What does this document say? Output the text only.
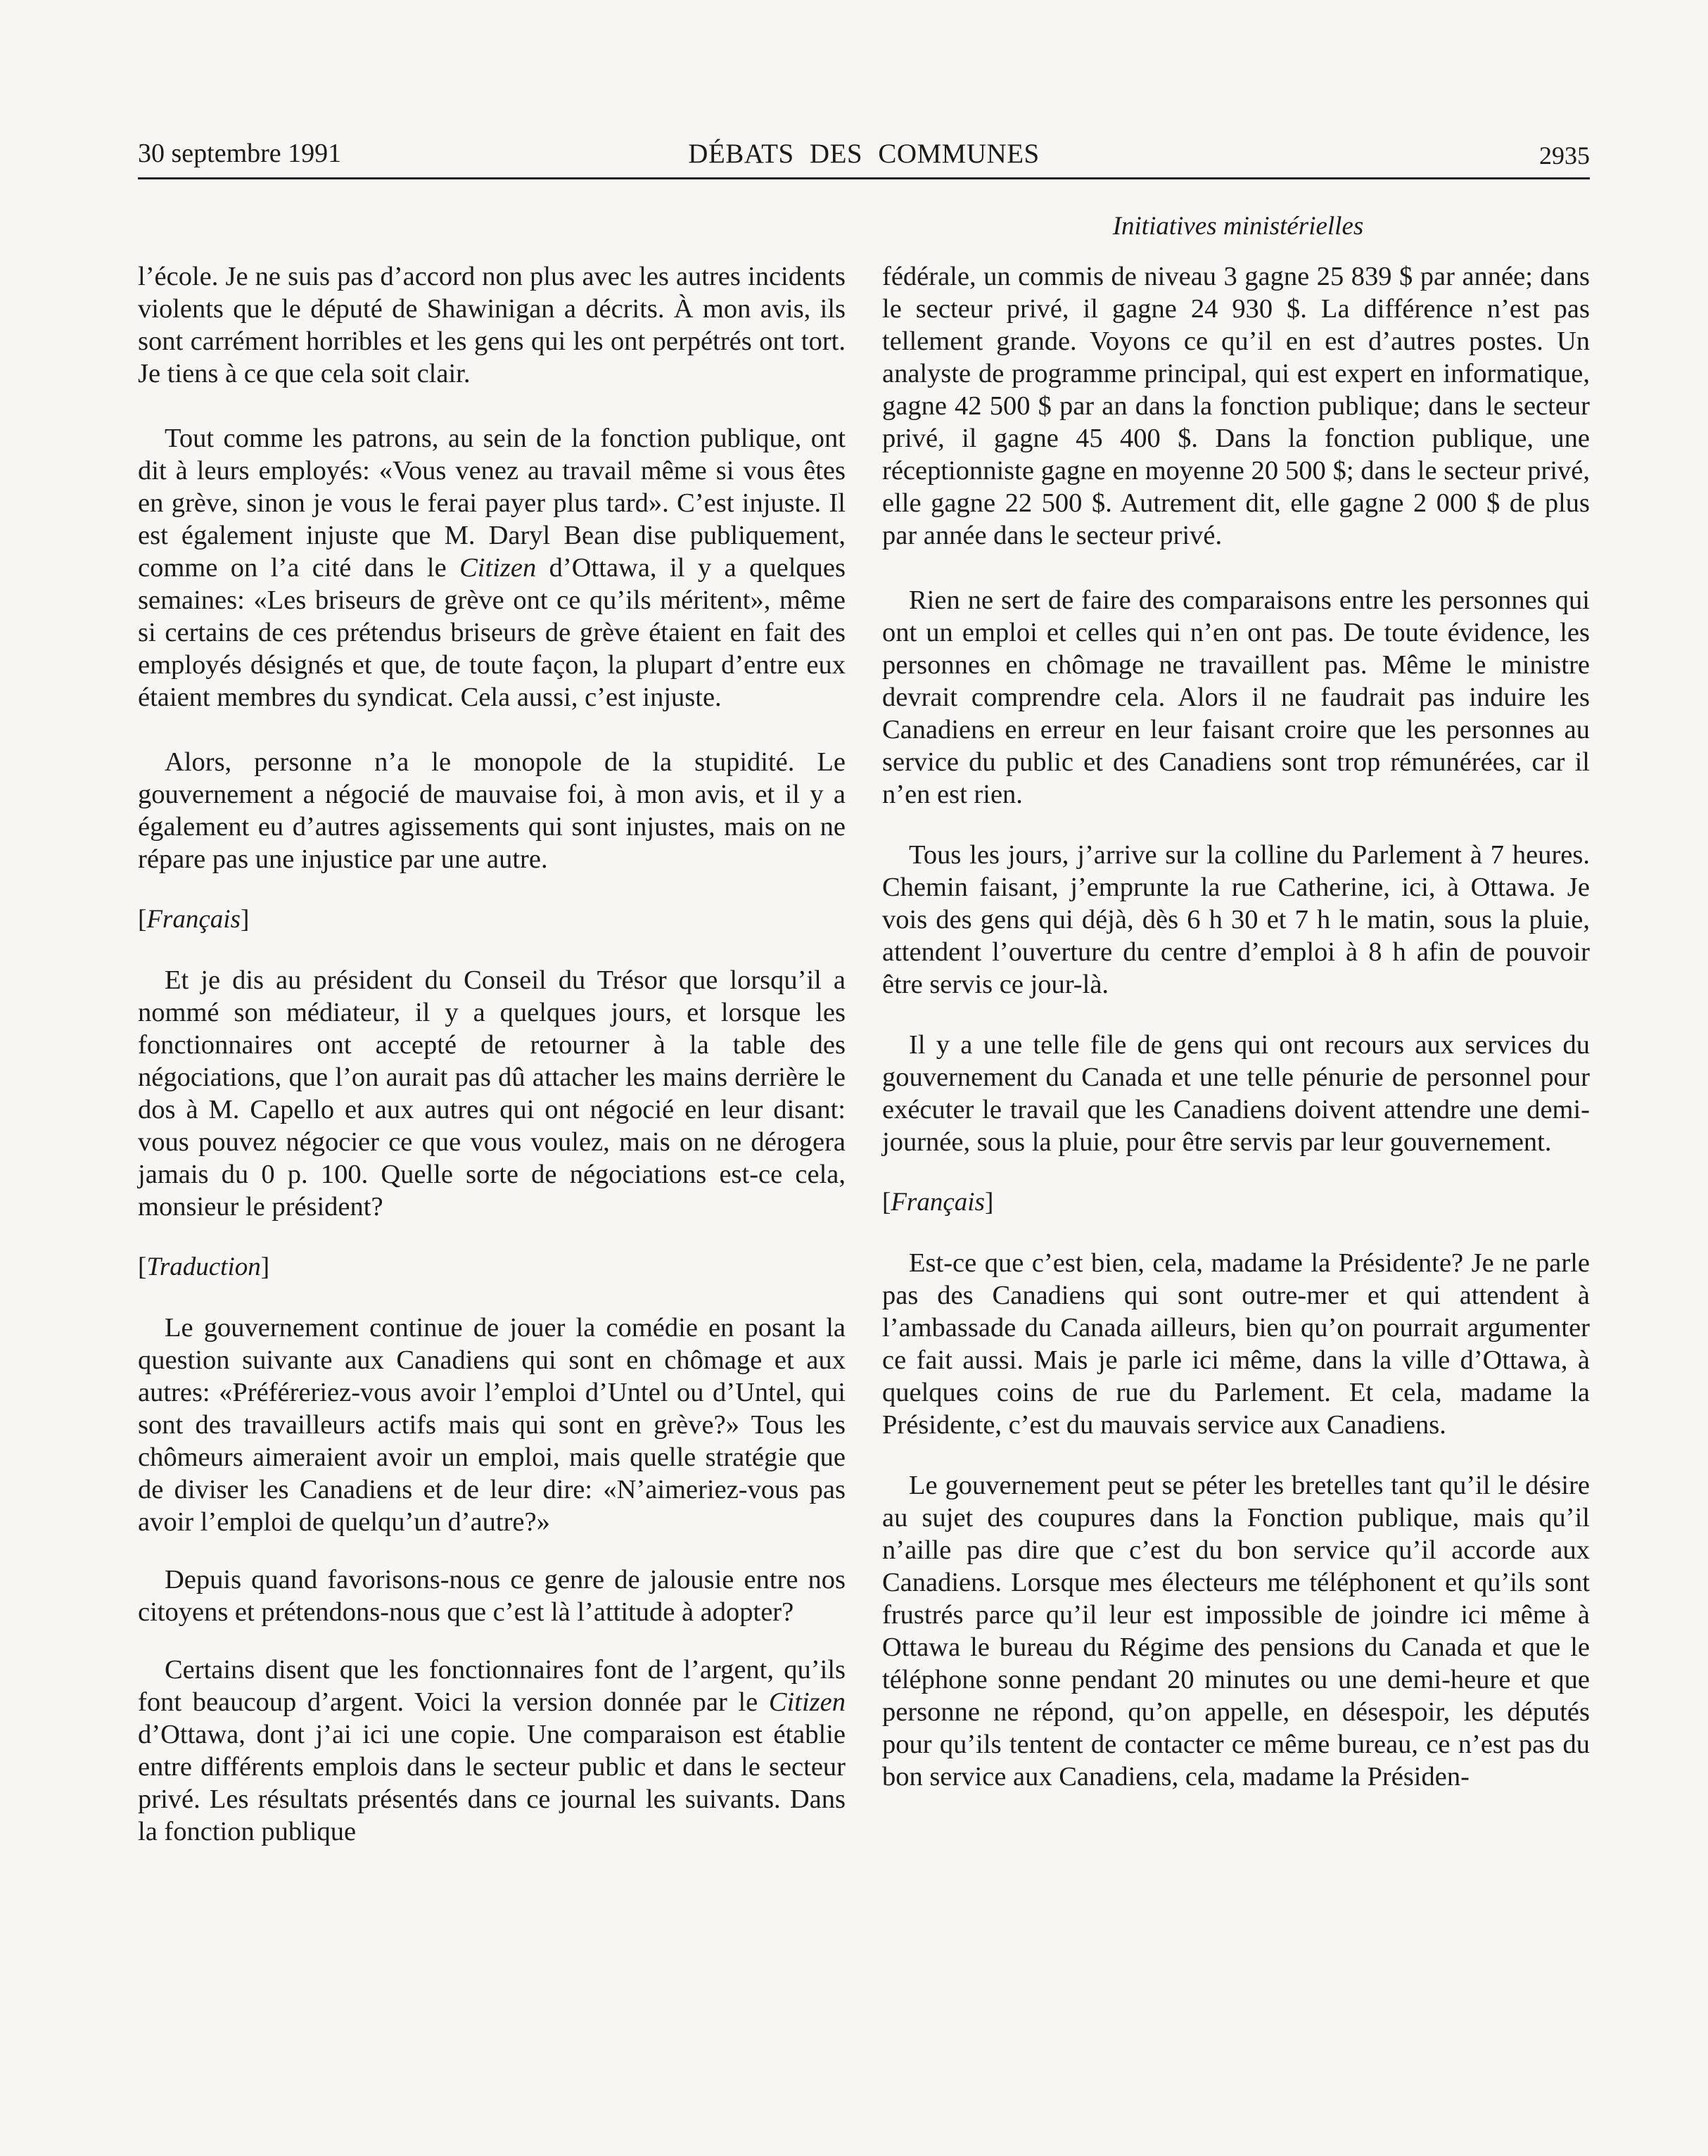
30 septembre 1991	DÉBATS DES COMMUNES	2935
Initiatives ministérielles

l’école. Je ne suis pas d’accord non plus avec les autres incidents violents que le député de Shawinigan a décrits. À mon avis, ils sont carrément horribles et les gens qui les ont perpétrés ont tort. Je tiens à ce que cela soit clair.

Tout comme les patrons, au sein de la fonction publique, ont dit à leurs employés: «Vous venez au travail même si vous êtes en grève, sinon je vous le ferai payer plus tard». C’est injuste. Il est également injuste que M. Daryl Bean dise publiquement, comme on l’a cité dans le Citizen d’Ottawa, il y a quelques semaines: «Les briseurs de grève ont ce qu’ils méritent», même si certains de ces prétendus briseurs de grève étaient en fait des employés désignés et que, de toute façon, la plupart d’entre eux étaient membres du syndicat. Cela aussi, c’est injuste.

Alors, personne n’a le monopole de la stupidité. Le gouvernement a négocié de mauvaise foi, à mon avis, et il y a également eu d’autres agissements qui sont injustes, mais on ne répare pas une injustice par une autre.

[Français]

Et je dis au président du Conseil du Trésor que lorsqu’il a nommé son médiateur, il y a quelques jours, et lorsque les fonctionnaires ont accepté de retourner à la table des négociations, que l’on aurait pas dû attacher les mains derrière le dos à M. Capello et aux autres qui ont négocié en leur disant: vous pouvez négocier ce que vous voulez, mais on ne dérogera jamais du 0 p. 100. Quelle sorte de négociations est-ce cela, monsieur le président?

[Traduction]

Le gouvernement continue de jouer la comédie en posant la question suivante aux Canadiens qui sont en chômage et aux autres: «Préféreriez-vous avoir l’emploi d’Untel ou d’Untel, qui sont des travailleurs actifs mais qui sont en grève?» Tous les chômeurs aimeraient avoir un emploi, mais quelle stratégie que de diviser les Canadiens et de leur dire: «N’aimeriez-vous pas avoir l’emploi de quelqu’un d’autre?»

Depuis quand favorisons-nous ce genre de jalousie entre nos citoyens et prétendons-nous que c’est là l’attitude à adopter?

Certains disent que les fonctionnaires font de l’argent, qu’ils font beaucoup d’argent. Voici la version donnée par le Citizen d’Ottawa, dont j’ai ici une copie. Une comparaison est établie entre différents emplois dans le secteur public et dans le secteur privé. Les résultats présentés dans ce journal les suivants. Dans la fonction publique

fédérale, un commis de niveau 3 gagne 25 839 $ par année; dans le secteur privé, il gagne 24 930 $. La différence n’est pas tellement grande. Voyons ce qu’il en est d’autres postes. Un analyste de programme principal, qui est expert en informatique, gagne 42 500 $ par an dans la fonction publique; dans le secteur privé, il gagne 45 400 $. Dans la fonction publique, une réceptionniste gagne en moyenne 20 500 $; dans le secteur privé, elle gagne 22 500 $. Autrement dit, elle gagne 2 000 $ de plus par année dans le secteur privé.

Rien ne sert de faire des comparaisons entre les personnes qui ont un emploi et celles qui n’en ont pas. De toute évidence, les personnes en chômage ne travaillent pas. Même le ministre devrait comprendre cela. Alors il ne faudrait pas induire les Canadiens en erreur en leur faisant croire que les personnes au service du public et des Canadiens sont trop rémunérées, car il n’en est rien.

Tous les jours, j’arrive sur la colline du Parlement à 7 heures. Chemin faisant, j’emprunte la rue Catherine, ici, à Ottawa. Je vois des gens qui déjà, dès 6 h 30 et 7 h le matin, sous la pluie, attendent l’ouverture du centre d’emploi à 8 h afin de pouvoir être servis ce jour-là.

Il y a une telle file de gens qui ont recours aux services du gouvernement du Canada et une telle pénurie de personnel pour exécuter le travail que les Canadiens doivent attendre une demi-journée, sous la pluie, pour être servis par leur gouvernement.

[Français]

Est-ce que c’est bien, cela, madame la Présidente? Je ne parle pas des Canadiens qui sont outre-mer et qui attendent à l’ambassade du Canada ailleurs, bien qu’on pourrait argumenter ce fait aussi. Mais je parle ici même, dans la ville d’Ottawa, à quelques coins de rue du Parlement. Et cela, madame la Présidente, c’est du mauvais service aux Canadiens.

Le gouvernement peut se péter les bretelles tant qu’il le désire au sujet des coupures dans la Fonction publique, mais qu’il n’aille pas dire que c’est du bon service qu’il accorde aux Canadiens. Lorsque mes électeurs me téléphonent et qu’ils sont frustrés parce qu’il leur est impossible de joindre ici même à Ottawa le bureau du Régime des pensions du Canada et que le téléphone sonne pendant 20 minutes ou une demi-heure et que personne ne répond, qu’on appelle, en désespoir, les députés pour qu’ils tentent de contacter ce même bureau, ce n’est pas du bon service aux Canadiens, cela, madame la Présiden-
